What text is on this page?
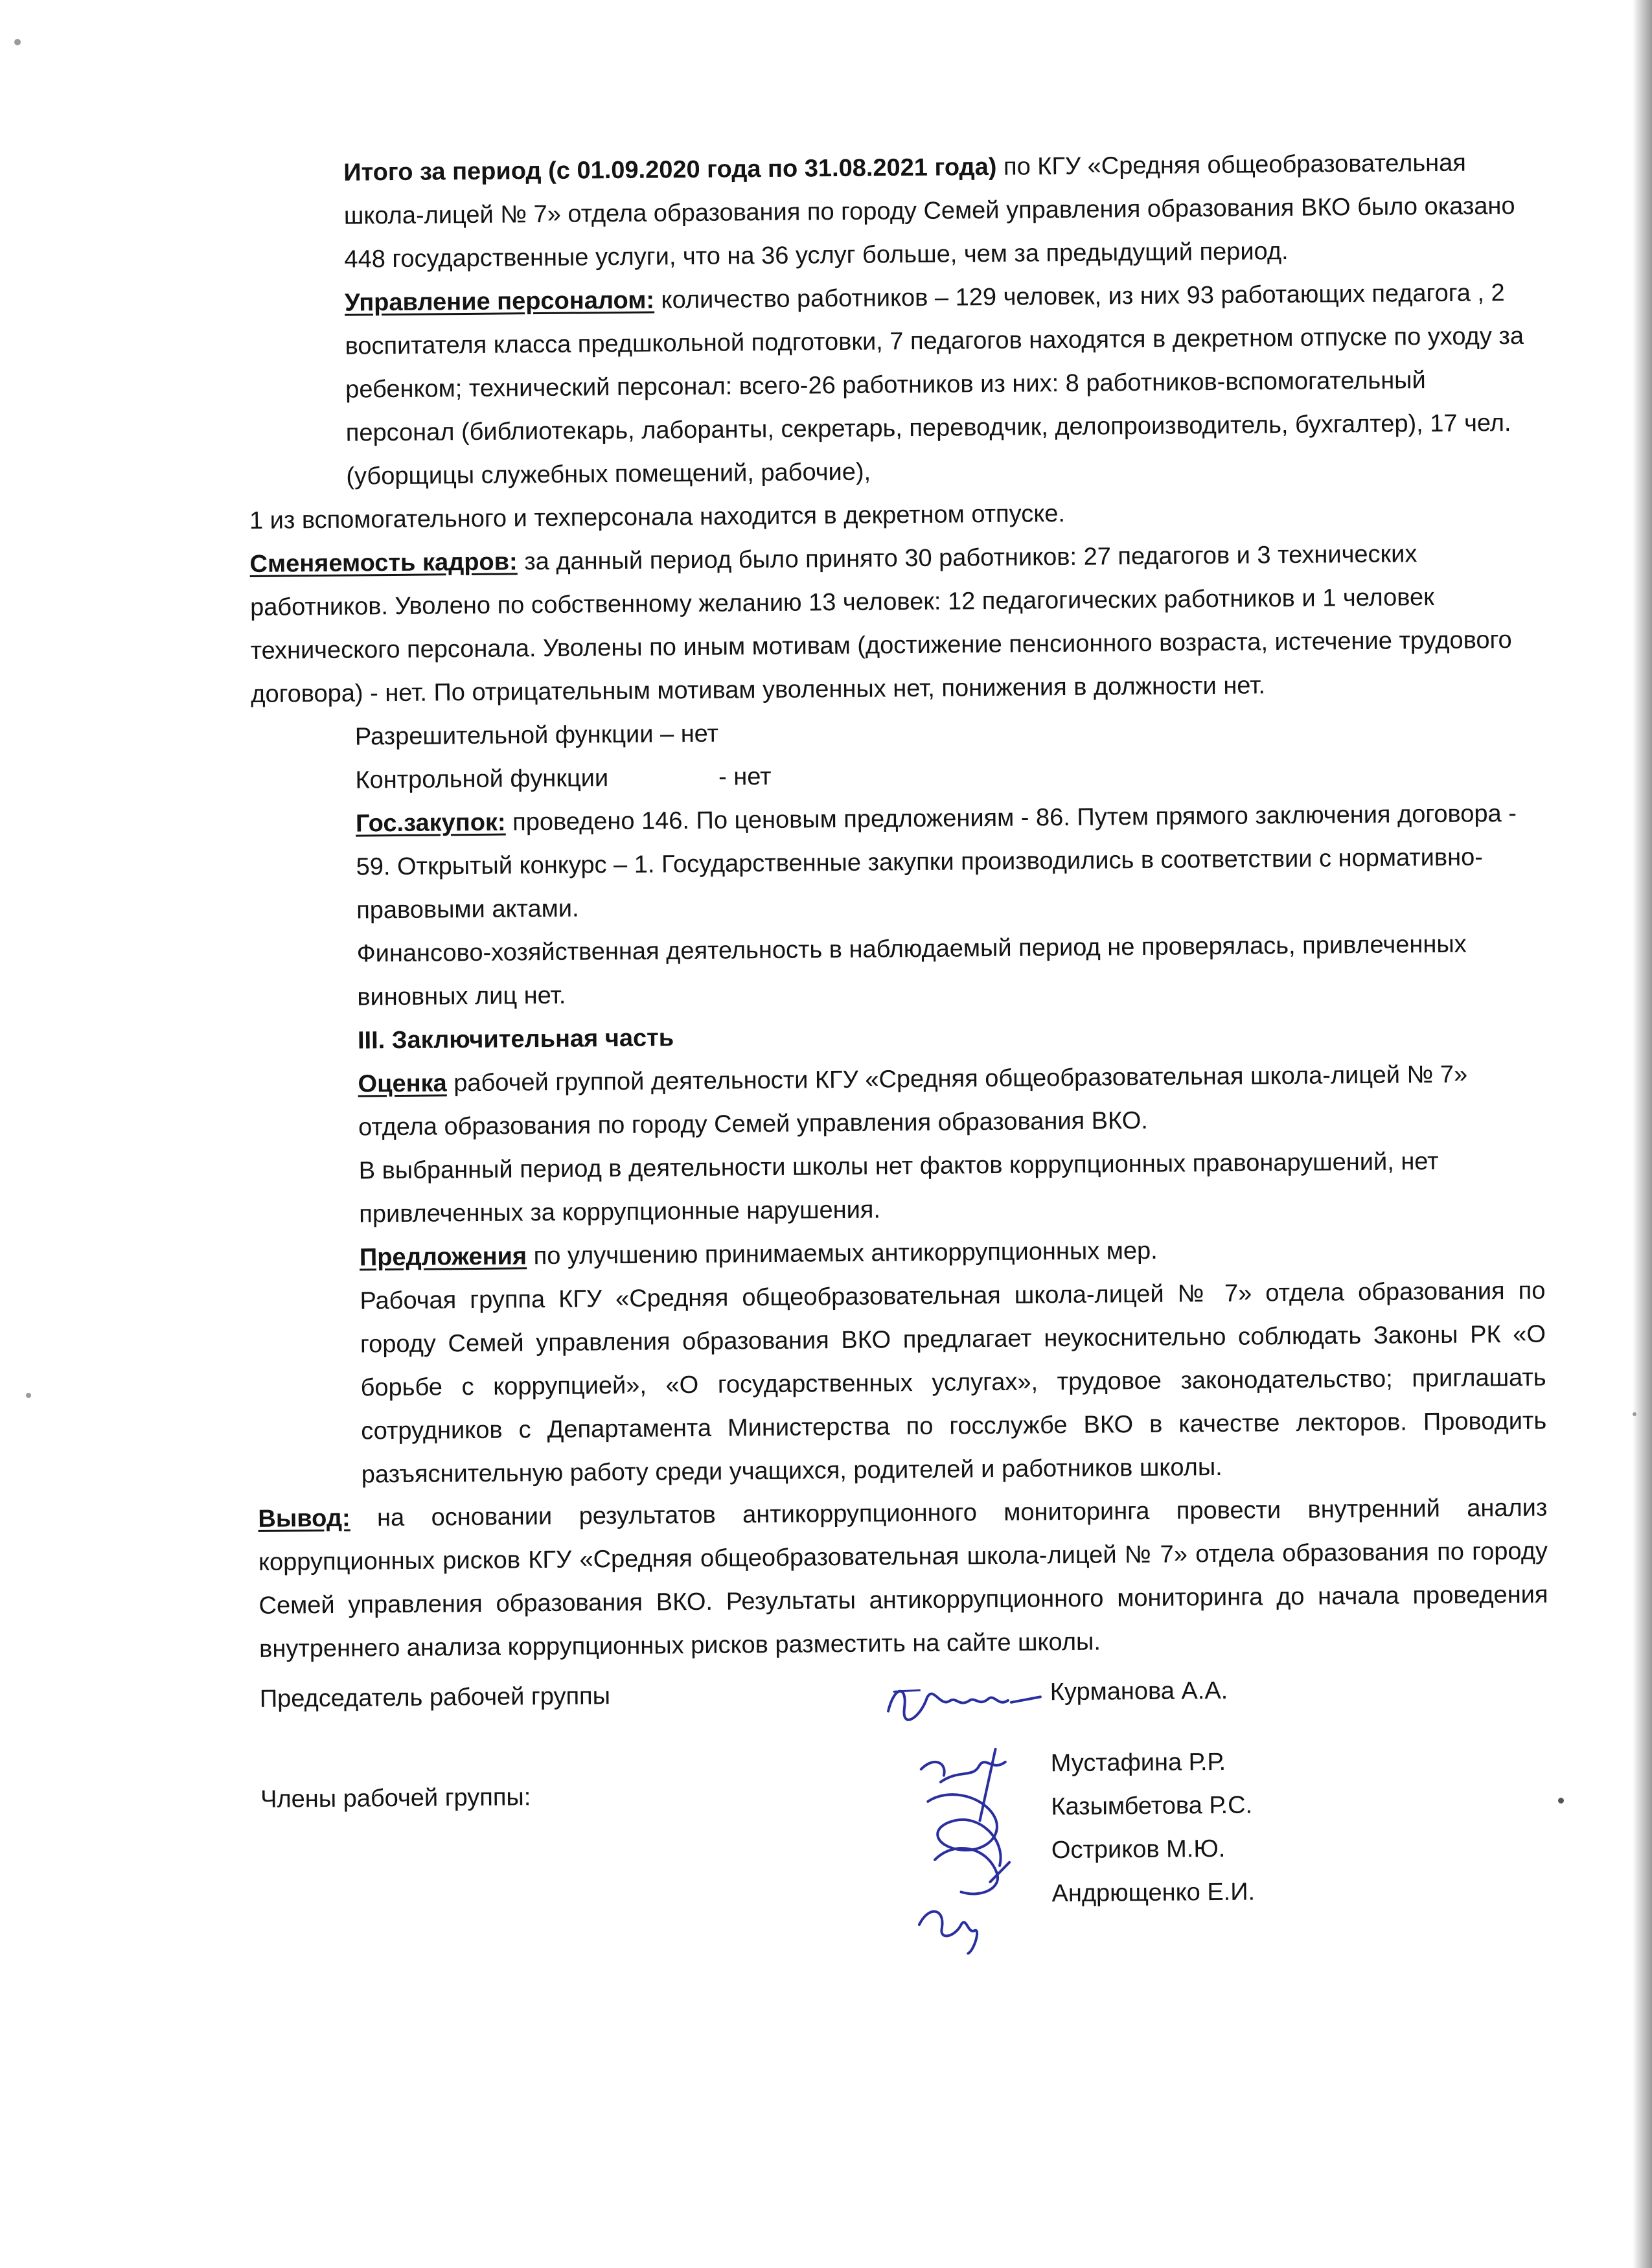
Итого за период (с 01.09.2020 года по 31.08.2021 года) по КГУ «Средняя общеобразовательная школа-лицей № 7» отдела образования по городу Семей управления образования ВКО было оказано 448 государственные услуги, что на 36 услуг больше, чем за предыдущий период.

Управление персоналом: количество работников – 129 человек, из них 93 работающих педагога , 2 воспитателя класса предшкольной подготовки, 7 педагогов находятся в декретном отпуске по уходу за ребенком; технический персонал: всего-26 работников из них: 8 работников-вспомогательный персонал (библиотекарь, лаборанты, секретарь, переводчик, делопроизводитель, бухгалтер), 17 чел. (уборщицы служебных помещений, рабочие),

1 из вспомогательного и техперсонала находится в декретном отпуске.

Сменяемость кадров: за данный период было принято 30 работников: 27 педагогов и 3 технических работников. Уволено по собственному желанию 13 человек: 12 педагогических работников и 1 человек технического персонала. Уволены по иным мотивам (достижение пенсионного возраста, истечение трудового договора) - нет. По отрицательным мотивам уволенных нет, понижения в должности нет.

Разрешительной функции – нет

Контрольной функции	- нет

Гос.закупок: проведено 146. По ценовым предложениям - 86. Путем прямого заключения договора - 59. Открытый конкурс – 1. Государственные закупки производились в соответствии с нормативно-правовыми актами.

Финансово-хозяйственная деятельность в наблюдаемый период не проверялась, привлеченных виновных лиц нет.

III. Заключительная часть

Оценка рабочей группой деятельности КГУ «Средняя общеобразовательная школа-лицей № 7» отдела образования по городу Семей управления образования ВКО.

В выбранный период в деятельности школы нет фактов коррупционных правонарушений, нет привлеченных за коррупционные нарушения.

Предложения по улучшению принимаемых антикоррупционных мер.

Рабочая группа КГУ «Средняя общеобразовательная школа-лицей № 7» отдела образования по городу Семей управления образования ВКО предлагает неукоснительно соблюдать Законы РК «О борьбе с коррупцией», «О государственных услугах», трудовое законодательство; приглашать сотрудников с Департамента Министерства по госслужбе ВКО в качестве лекторов. Проводить разъяснительную работу среди учащихся, родителей и работников школы.

Вывод: на основании результатов антикоррупционного мониторинга провести внутренний анализ коррупционных рисков КГУ «Средняя общеобразовательная школа-лицей № 7» отдела образования по городу Семей управления образования ВКО. Результаты антикоррупционного мониторинга до начала проведения внутреннего анализа коррупционных рисков разместить на сайте школы.

Председатель рабочей группы	Курманова А.А.
Члены рабочей группы:
Мустафина Р.Р.
Казымбетова Р.С.
Остриков М.Ю.
Андрющенко Е.И.
